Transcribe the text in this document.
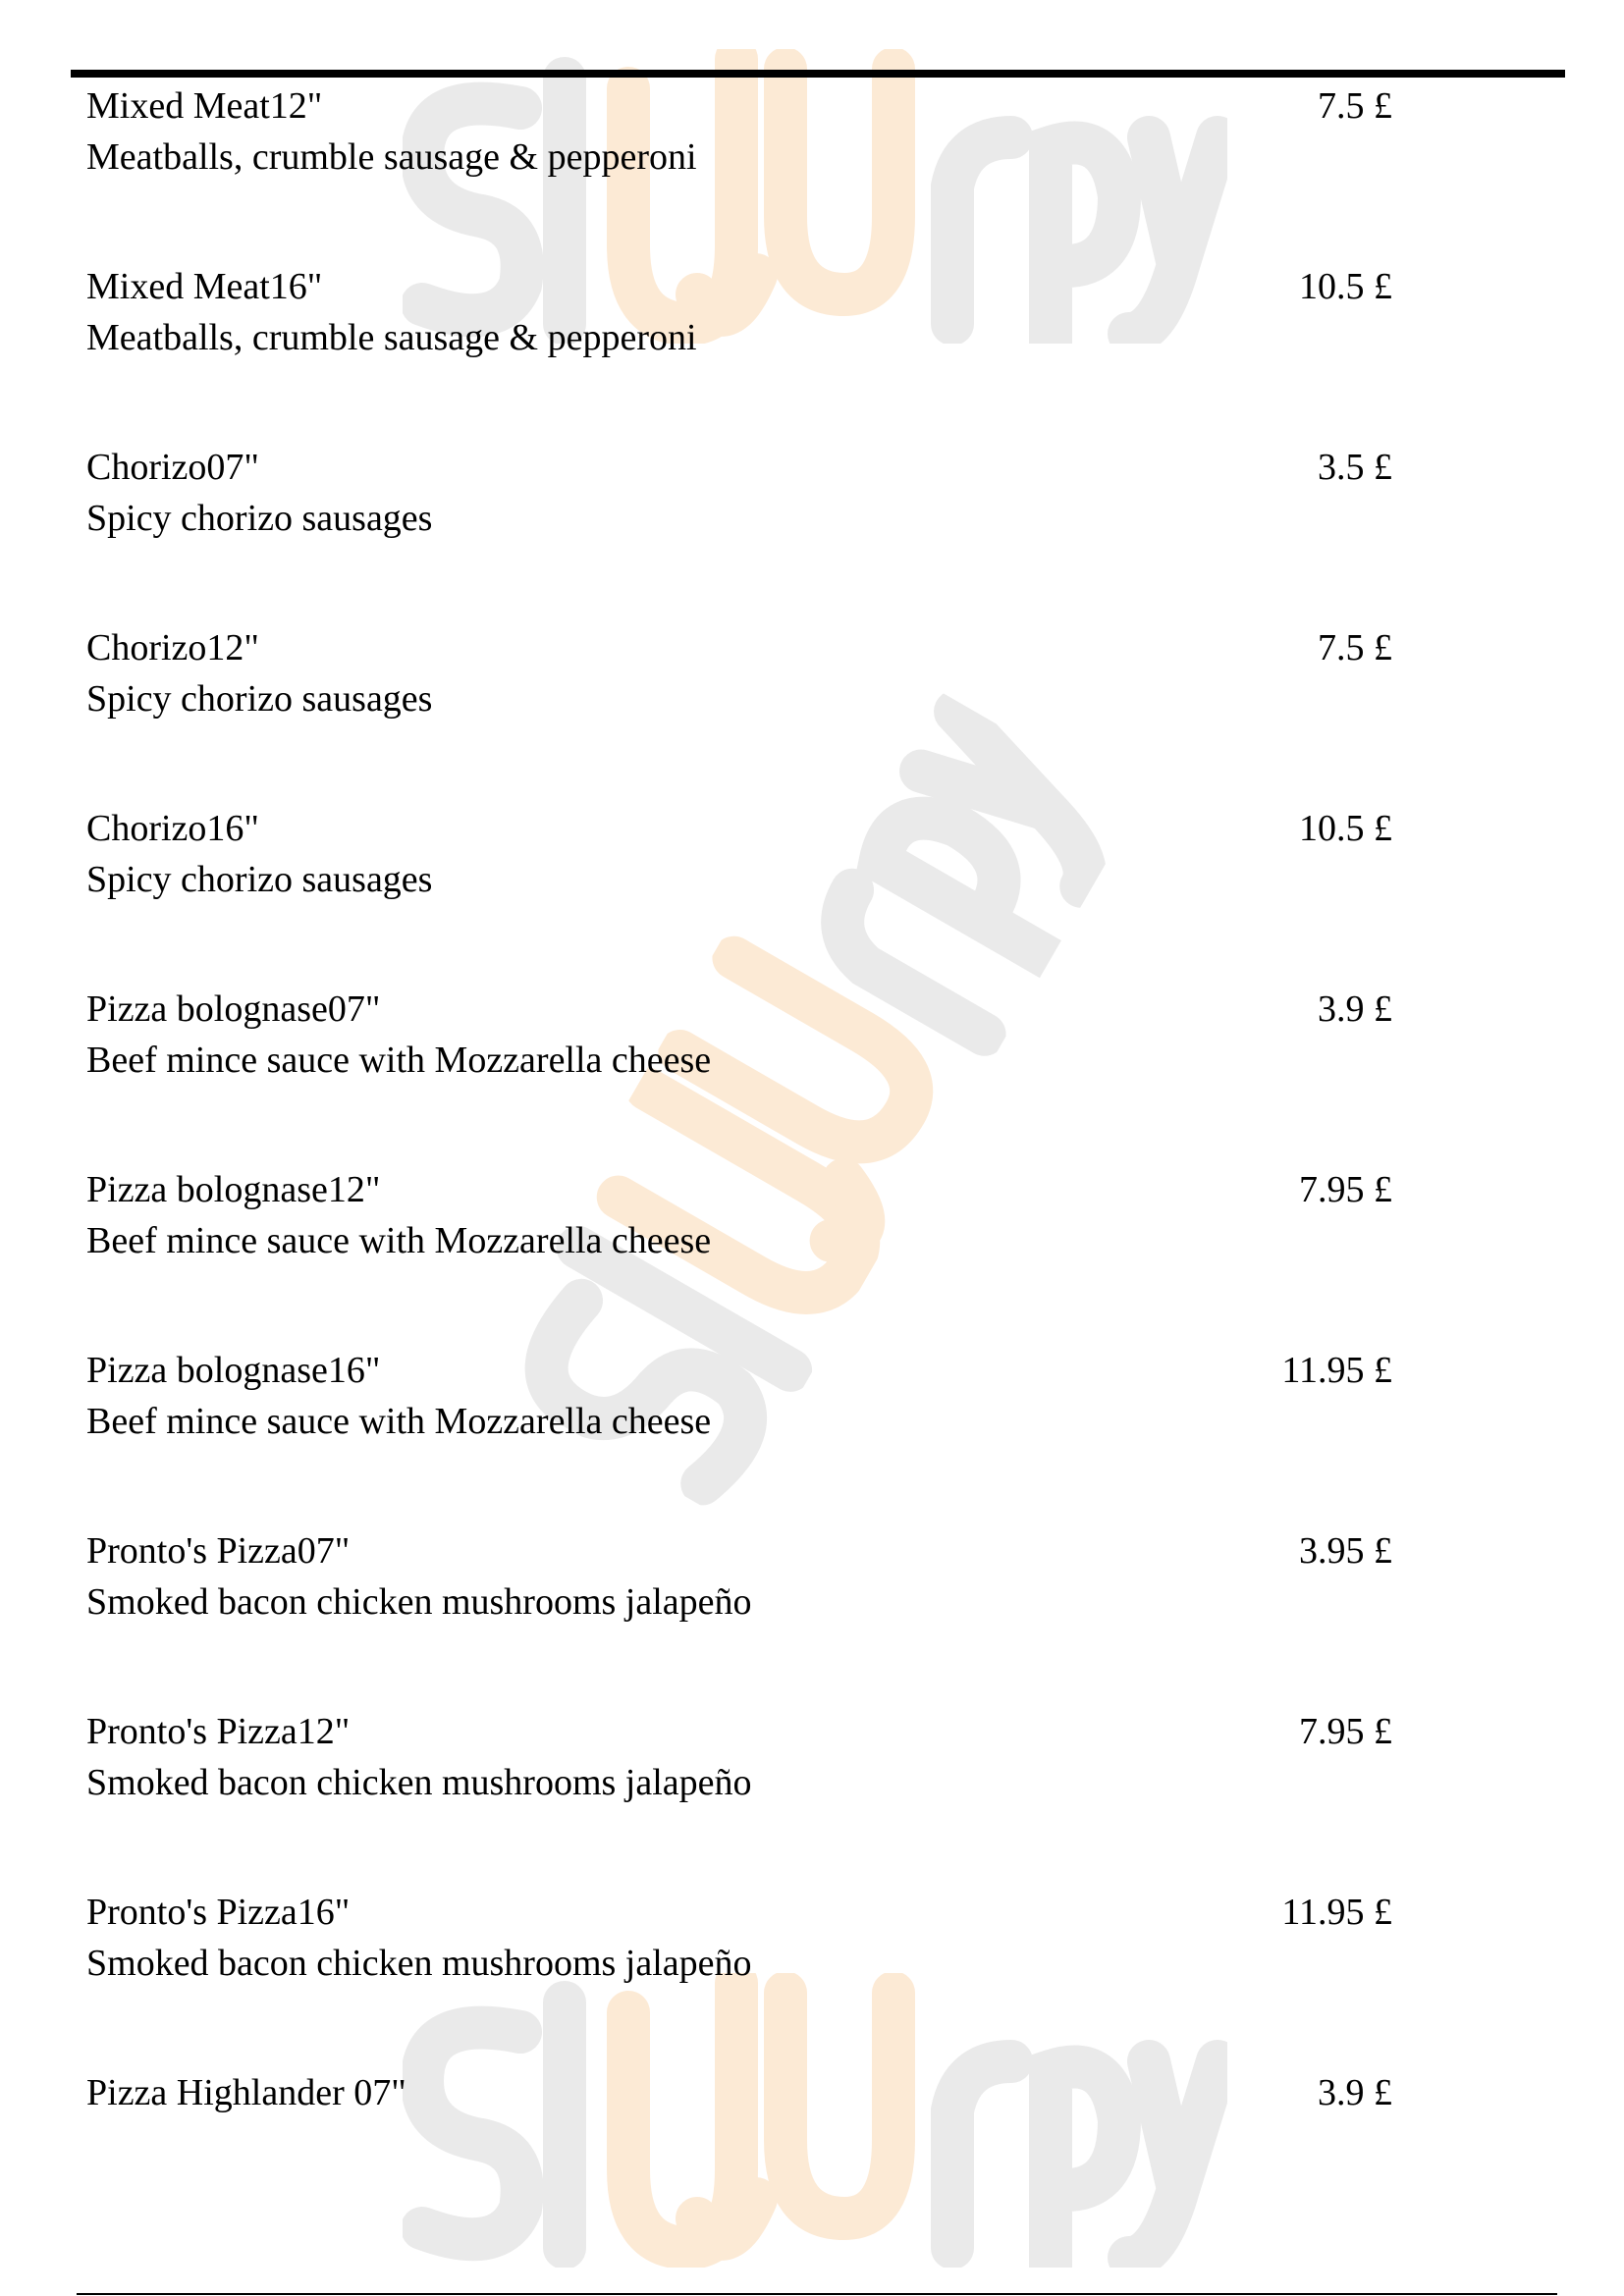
Mixed Meat12"
Meatballs, crumble sausage & pepperoni
7.5 £
Mixed Meat16"
Meatballs, crumble sausage & pepperoni
10.5 £
Chorizo07"
Spicy chorizo sausages
3.5 £
Chorizo12"
Spicy chorizo sausages
7.5 £
Chorizo16"
Spicy chorizo sausages
10.5 £
Pizza bolognase07"
Beef mince sauce with Mozzarella cheese
3.9 £
Pizza bolognase12"
Beef mince sauce with Mozzarella cheese
7.95 £
Pizza bolognase16"
Beef mince sauce with Mozzarella cheese
11.95 £
Pronto's Pizza07"
Smoked bacon chicken mushrooms jalapeño
3.95 £
Pronto's Pizza12"
Smoked bacon chicken mushrooms jalapeño
7.95 £
Pronto's Pizza16"
Smoked bacon chicken mushrooms jalapeño
11.95 £
Pizza Highlander 07"	3.9 £
